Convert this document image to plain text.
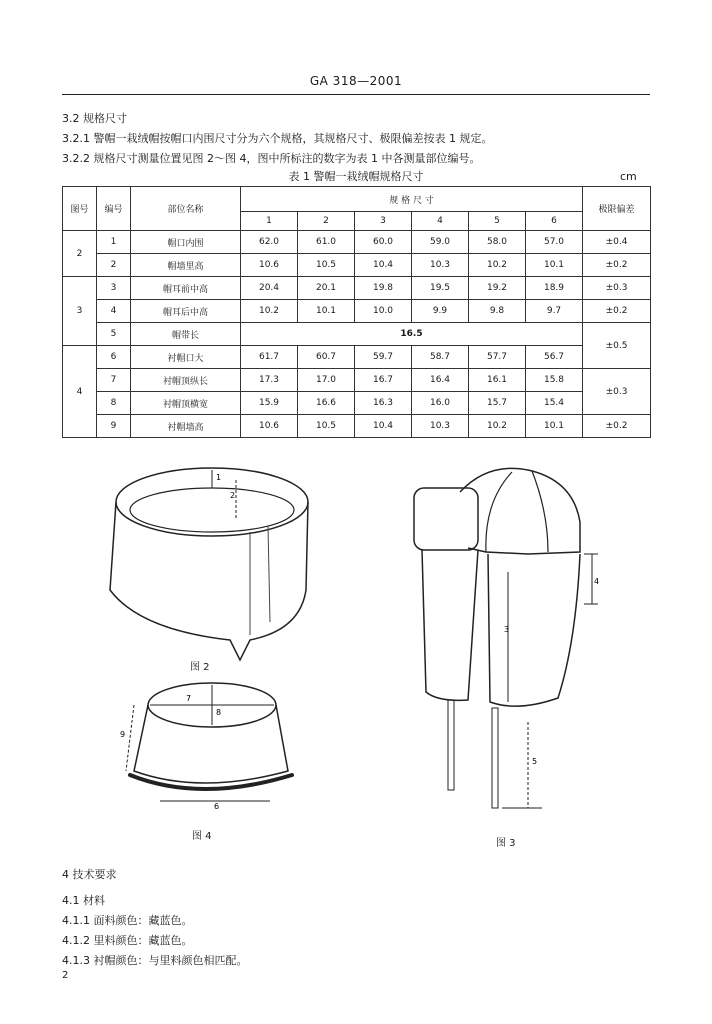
GA 318—2001
3.2 规格尺寸
3.2.1 警帽一栽绒帽按帽口内围尺寸分为六个规格，其规格尺寸、极限偏差按表 1 规定。
3.2.2 规格尺寸测量位置见图 2～图 4，图中所标注的数字为表 1 中各测量部位编号。
表 1 警帽一栽绒帽规格尺寸	cm
图号	编号	部位名称	规 格 尺 寸						极限偏差
			1	2	3	4	5	6	
2	1	帽口内围	62.0	61.0	60.0	59.0	58.0	57.0	±0.4
	2	帽墙里高	10.6	10.5	10.4	10.3	10.2	10.1	±0.2
3	3	帽耳前中高	20.4	20.1	19.8	19.5	19.2	18.9	±0.3
	4	帽耳后中高	10.2	10.1	10.0	9.9	9.8	9.7	±0.2
	5	帽带长	16.5						±0.5
4	6	衬帽口大	61.7	60.7	59.7	58.7	57.7	56.7	
	7	衬帽顶纵长	17.3	17.0	16.7	16.4	16.1	15.8	±0.3
	8	衬帽顶横宽	15.9	16.6	16.3	16.0	15.7	15.4	
	9	衬帽墙高	10.6	10.5	10.4	10.3	10.2	10.1	±0.2
1
2
图 2
7
8
9
6
图 4
3
4
5
图 3
4 技术要求
4.1 材料
4.1.1 面料颜色：藏蓝色。
4.1.2 里料颜色：藏蓝色。
4.1.3 衬帽颜色：与里料颜色相匹配。
2
